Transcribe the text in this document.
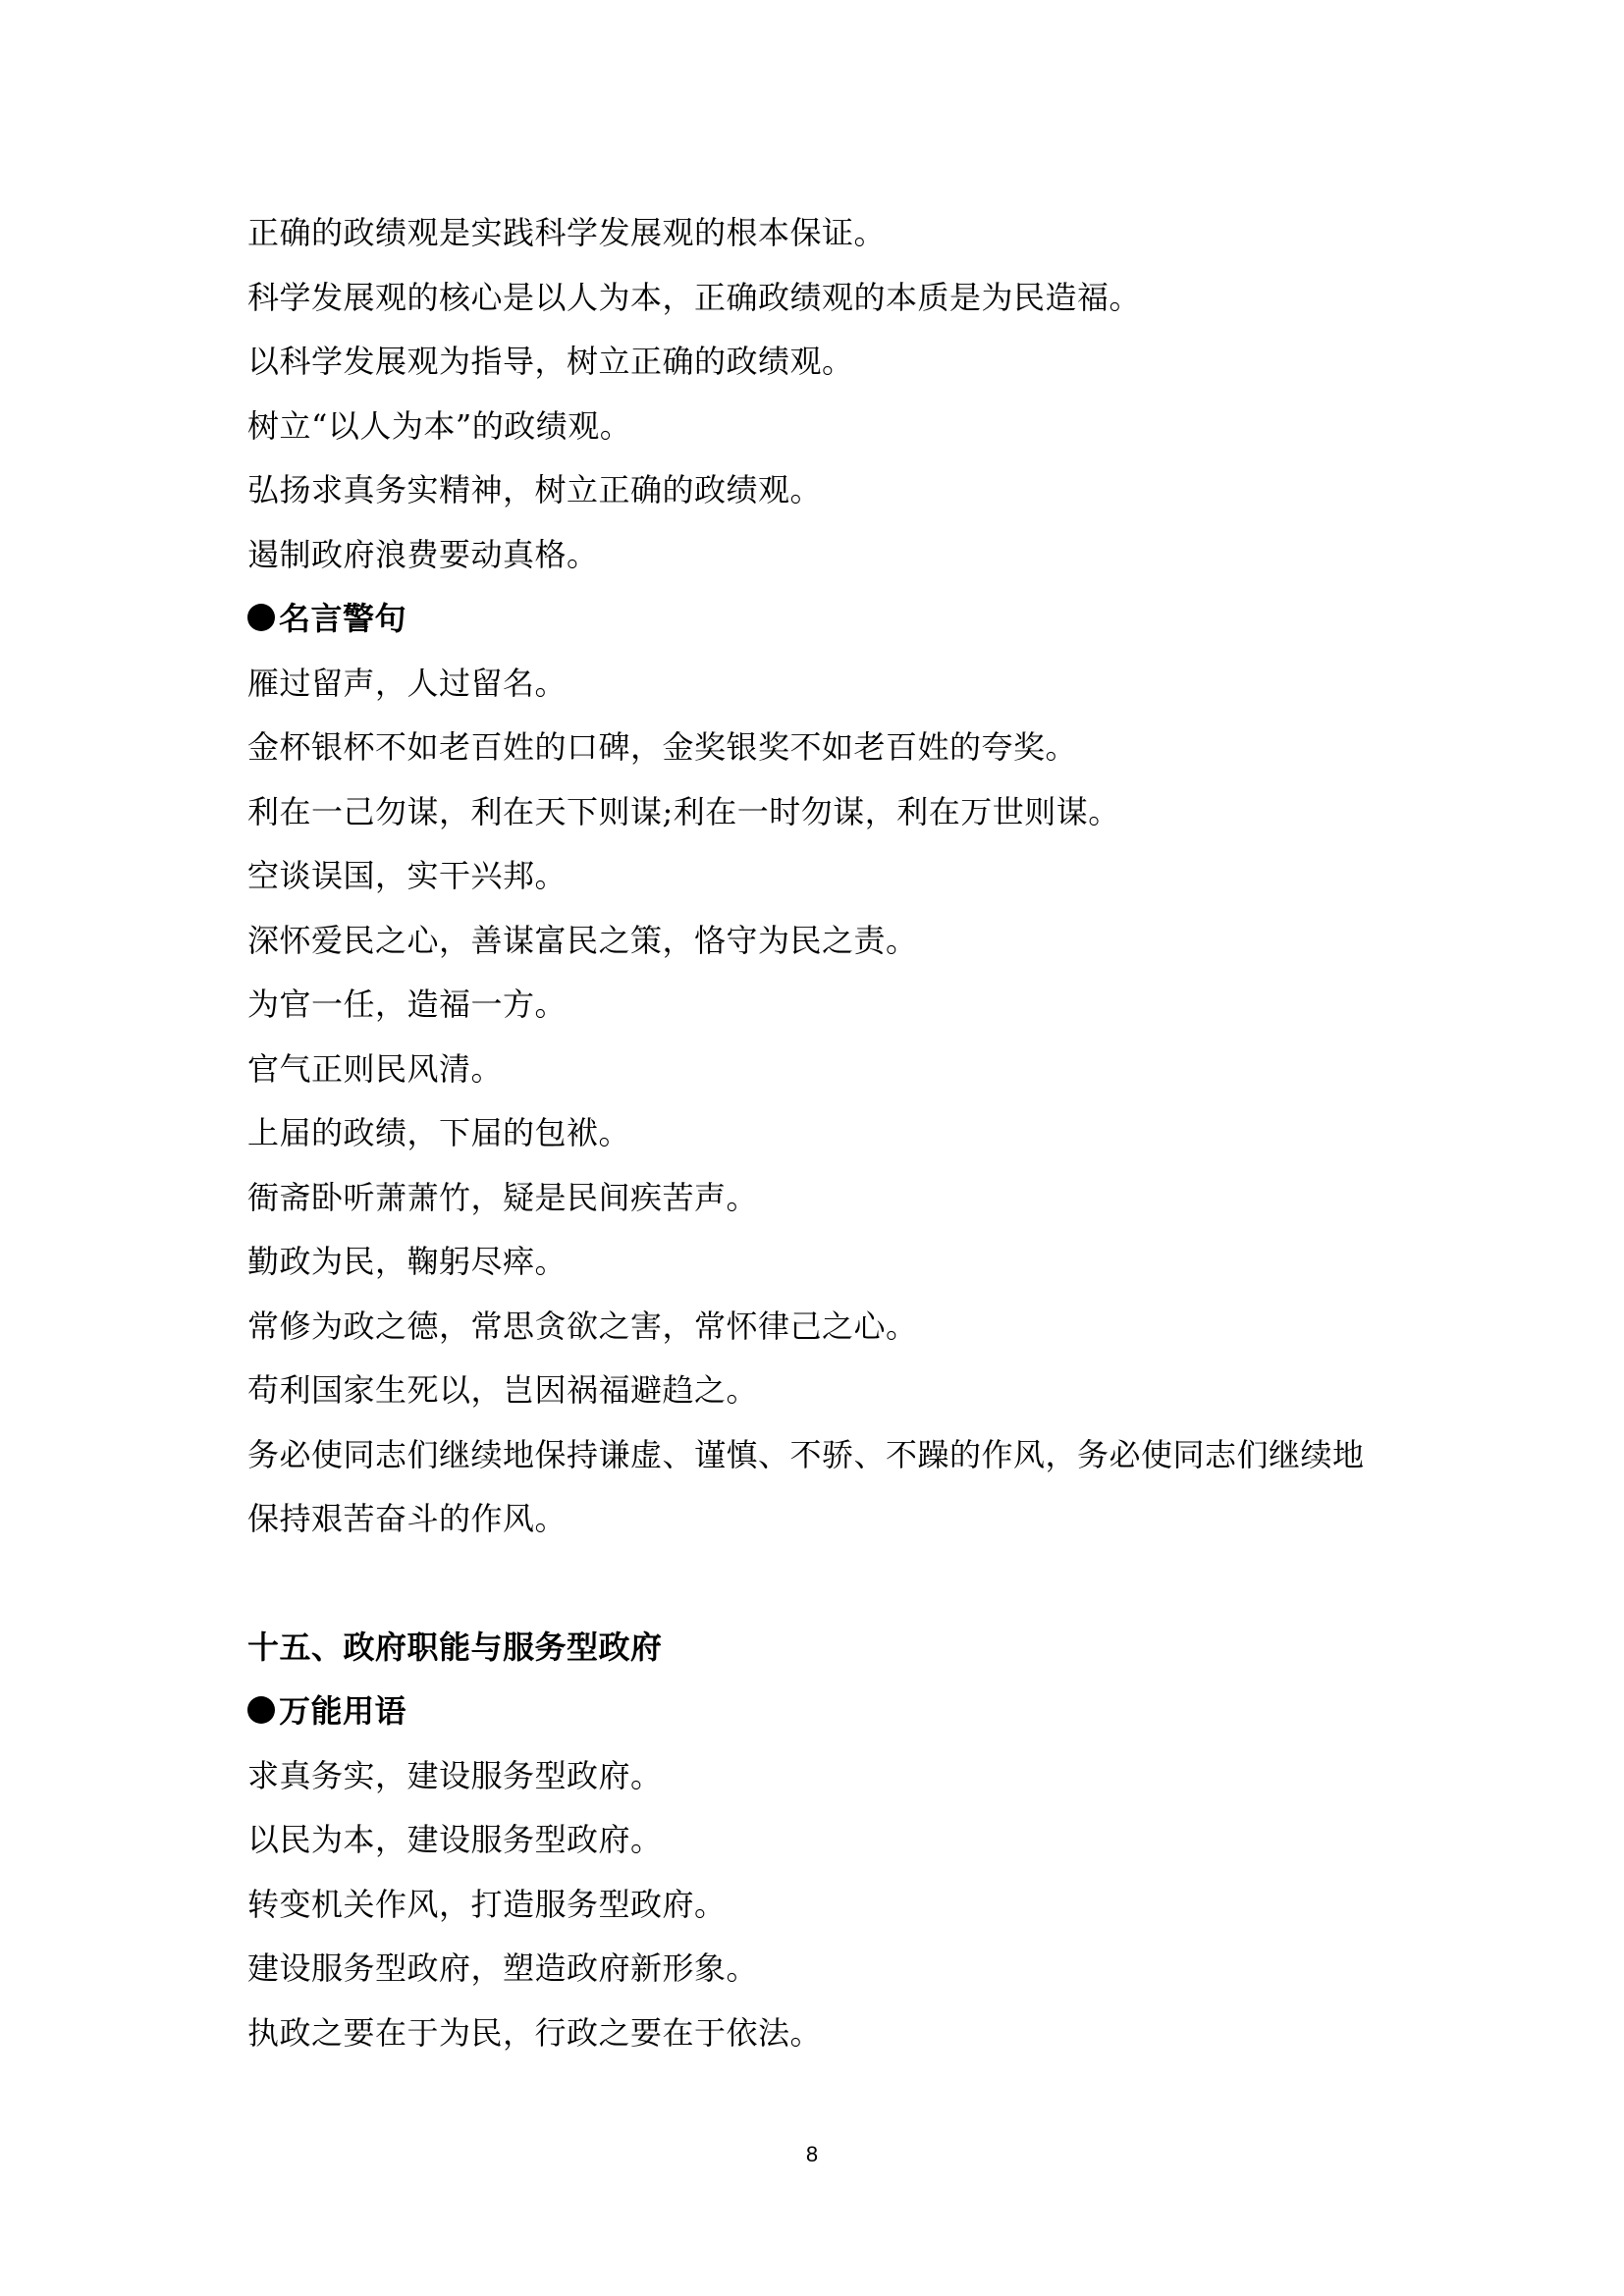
正确的政绩观是实践科学发展观的根本保证。
科学发展观的核心是以人为本，正确政绩观的本质是为民造福。
以科学发展观为指导，树立正确的政绩观。
树立“以人为本”的政绩观。
弘扬求真务实精神，树立正确的政绩观。
遏制政府浪费要动真格。
名言警句
雁过留声，人过留名。
金杯银杯不如老百姓的口碑，金奖银奖不如老百姓的夸奖。
利在一己勿谋，利在天下则谋;利在一时勿谋，利在万世则谋。
空谈误国，实干兴邦。
深怀爱民之心，善谋富民之策，恪守为民之责。
为官一任，造福一方。
官气正则民风清。
上届的政绩，下届的包袱。
衙斋卧听萧萧竹，疑是民间疾苦声。
勤政为民，鞠躬尽瘁。
常修为政之德，常思贪欲之害，常怀律己之心。
苟利国家生死以，岂因祸福避趋之。
务必使同志们继续地保持谦虚、谨慎、不骄、不躁的作风，务必使同志们继续地
保持艰苦奋斗的作风。
十五、政府职能与服务型政府
万能用语
求真务实，建设服务型政府。
以民为本，建设服务型政府。
转变机关作风，打造服务型政府。
建设服务型政府，塑造政府新形象。
执政之要在于为民，行政之要在于依法。
8
